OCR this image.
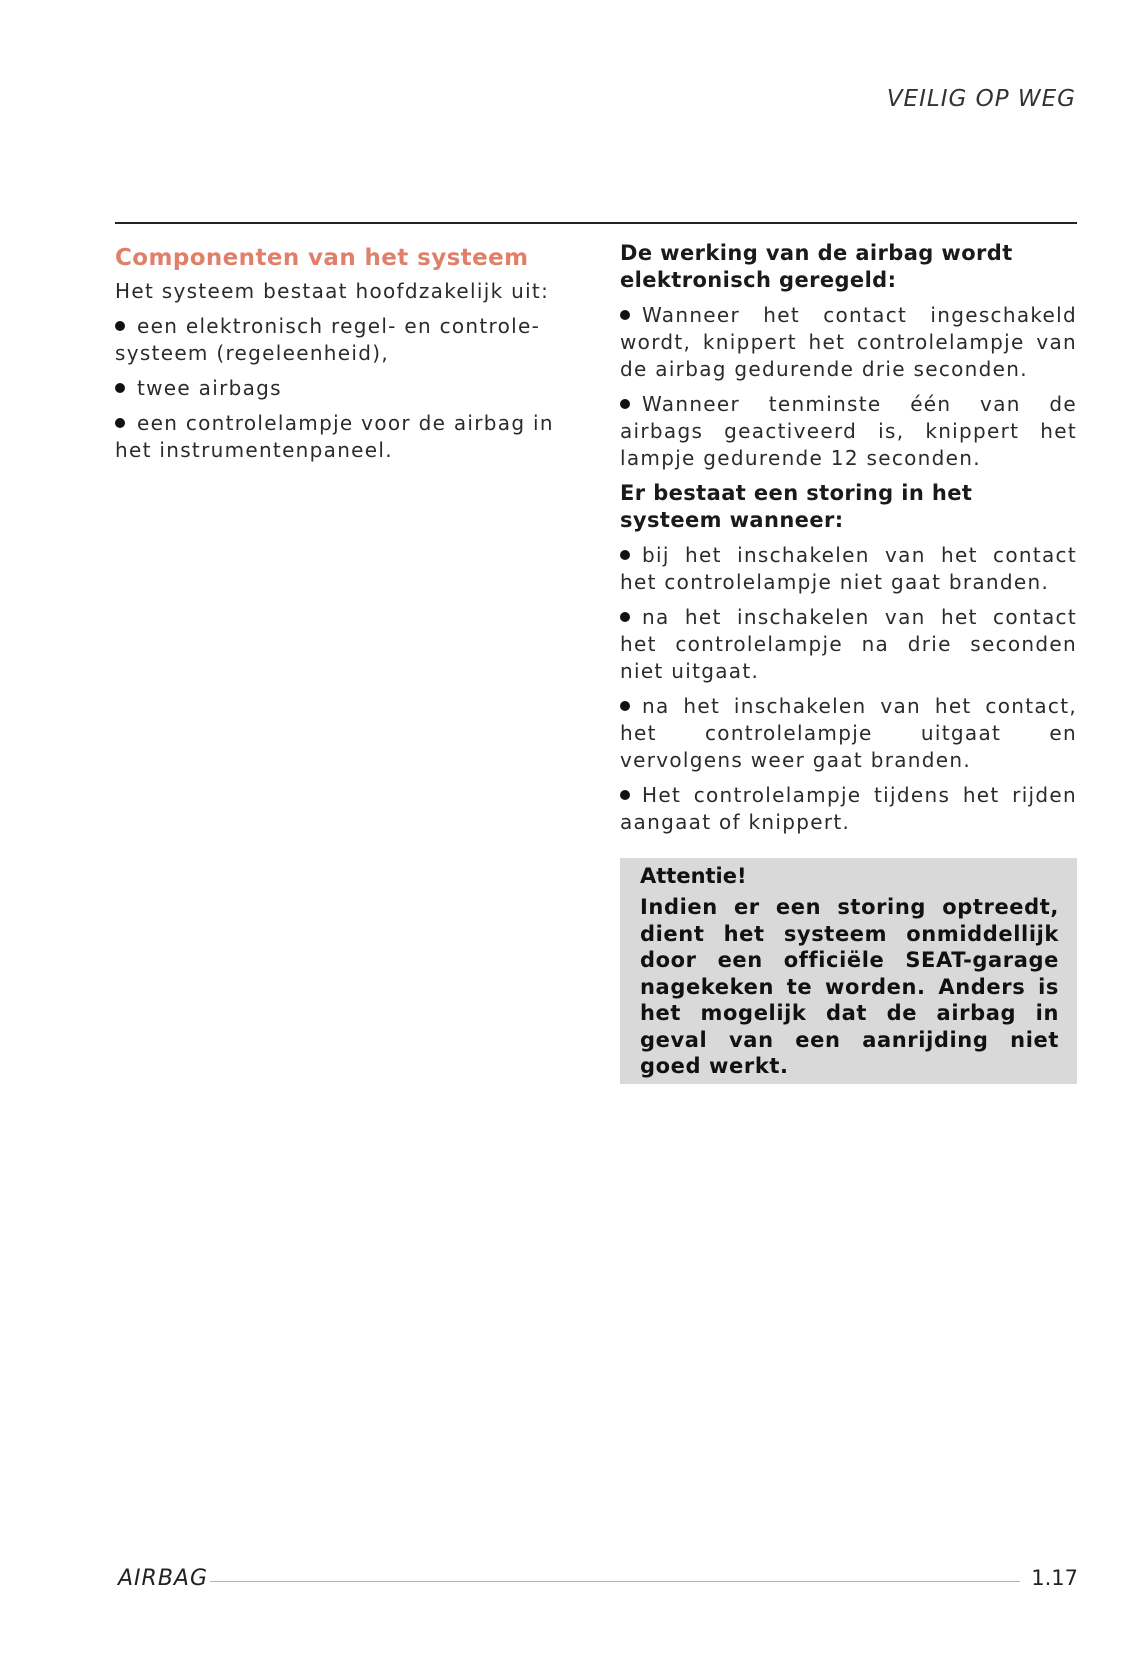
VEILIG OP WEG
Componenten van het systeem

Het systeem bestaat hoofdzakelijk uit:

een elektronisch regel- en controle-systeem (regeleenheid),

twee airbags

een controlelampje voor de airbag in het instrumentenpaneel.

De werking van de airbag wordt elektronisch geregeld:

Wanneer het contact ingeschakeld wordt, knippert het controlelampje van de airbag gedurende drie seconden.

Wanneer tenminste één van de airbags geactiveerd is, knippert het lampje gedurende 12 seconden.

Er bestaat een storing in het systeem wanneer:

bij het inschakelen van het contact het controlelampje niet gaat branden.

na het inschakelen van het contact het controlelampje na drie seconden niet uitgaat.

na het inschakelen van het contact, het controlelampje uitgaat en vervolgens weer gaat branden.

Het controlelampje tijdens het rijden aangaat of knippert.

Attentie!
Indien er een storing optreedt, dient het systeem onmiddellijk door een officiële SEAT-garage nagekeken te worden. Anders is het mogelijk dat de airbag in geval van een aanrijding niet goed werkt.
AIRBAG	1.17
